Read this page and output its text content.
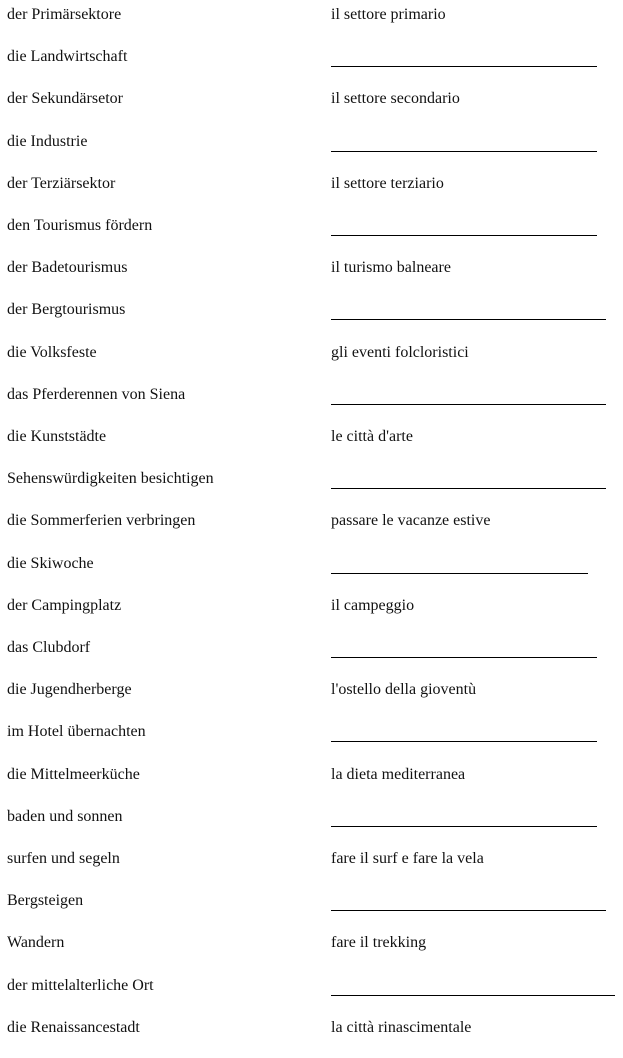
der Primärsektore	il settore primario
die Landwirtschaft
der Sekundärsetor	il settore secondario
die Industrie
der Terziärsektor	il settore terziario
den Tourismus fördern
der Badetourismus	il turismo balneare
der Bergtourismus
die Volksfeste	gli eventi folcloristici
das Pferderennen von Siena
die Kunststädte	le città d'arte
Sehenswürdigkeiten besichtigen
die Sommerferien verbringen	passare le vacanze estive
die Skiwoche
der Campingplatz	il campeggio
das Clubdorf
die Jugendherberge	l'ostello della gioventù
im Hotel übernachten
die Mittelmeerküche	la dieta mediterranea
baden und sonnen
surfen und segeln	fare il surf e fare la vela
Bergsteigen
Wandern	fare il trekking
der mittelalterliche Ort
die Renaissancestadt	la città rinascimentale
